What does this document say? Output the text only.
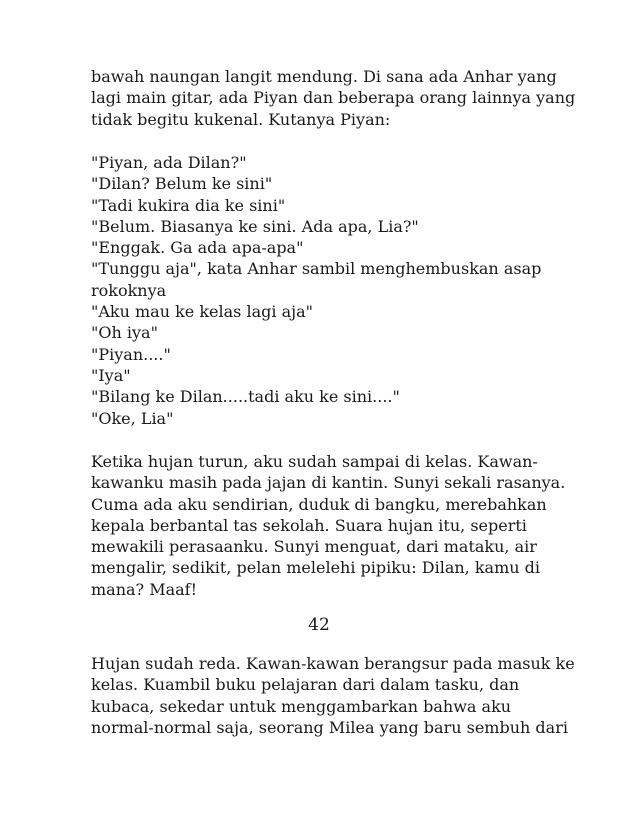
bawah naungan langit mendung. Di sana ada Anhar yang
lagi main gitar, ada Piyan dan beberapa orang lainnya yang
tidak begitu kukenal. Kutanya Piyan:
"Piyan, ada Dilan?"
"Dilan? Belum ke sini"
"Tadi kukira dia ke sini"
"Belum. Biasanya ke sini. Ada apa, Lia?"
"Enggak. Ga ada apa-apa"
"Tunggu aja", kata Anhar sambil menghembuskan asap
rokoknya
"Aku mau ke kelas lagi aja"
"Oh iya"
"Piyan...."
"Iya"
"Bilang ke Dilan.....tadi aku ke sini...."
"Oke, Lia"
Ketika hujan turun, aku sudah sampai di kelas. Kawan-
kawanku masih pada jajan di kantin. Sunyi sekali rasanya.
Cuma ada aku sendirian, duduk di bangku, merebahkan
kepala berbantal tas sekolah. Suara hujan itu, seperti
mewakili perasaanku. Sunyi menguat, dari mataku, air
mengalir, sedikit, pelan melelehi pipiku: Dilan, kamu di
mana? Maaf!
42
Hujan sudah reda. Kawan-kawan berangsur pada masuk ke
kelas. Kuambil buku pelajaran dari dalam tasku, dan
kubaca, sekedar untuk menggambarkan bahwa aku
normal-normal saja, seorang Milea yang baru sembuh dari
